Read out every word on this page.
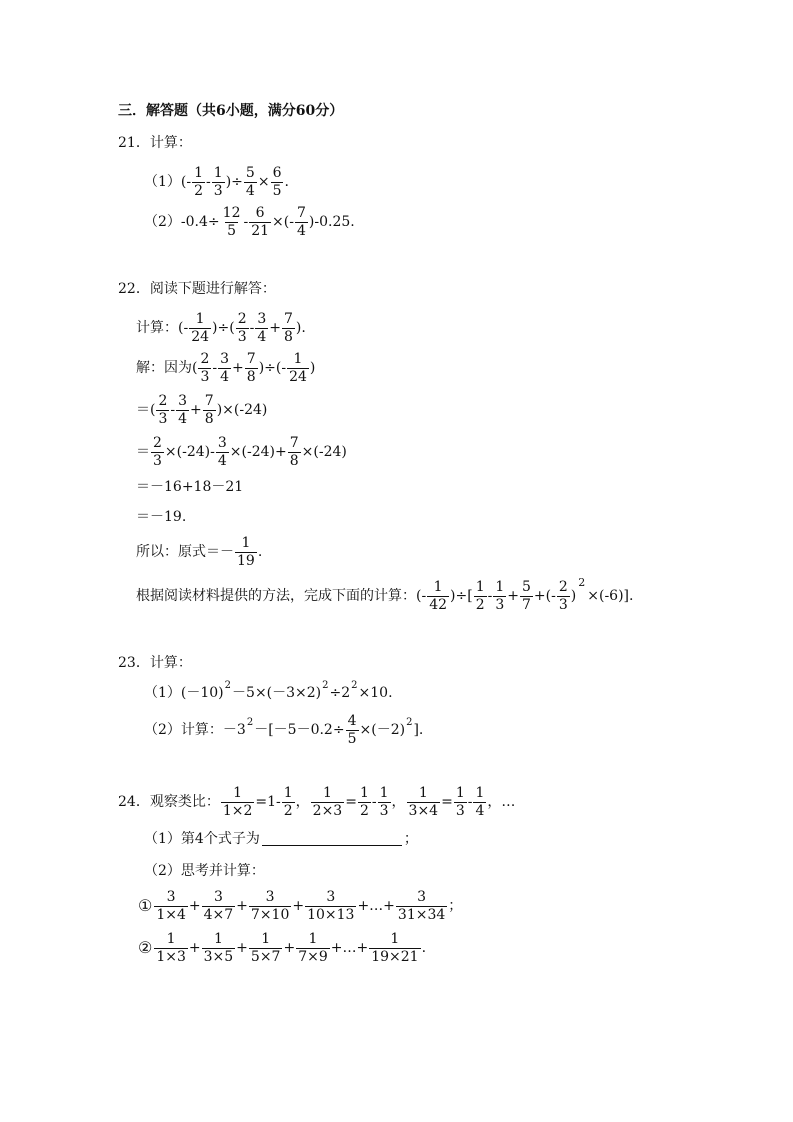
三．解答题（共6小题，满分60分）
21．计算：
（1） (- $\frac{1}{2} - \frac{1}{3}$ )÷ $\frac{5}{4} \times \frac{6}{5}$ .
（2） $-0.4\div \frac{12}{5} - \frac{6}{21}$ ×(- $\frac{7}{4} )-0.25$.
22．阅读下题进行解答：
计算：(- $\frac{1}{24}$ )÷( $\frac{2}{3} - \frac{3}{4} + \frac{7}{8}$ ).
解：因为( $\frac{2}{3} - \frac{3}{4} + \frac{7}{8}$ )÷(- $\frac{1}{24}$ )
＝( $\frac{2}{3} - \frac{3}{4} + \frac{7}{8} )\times(-24)$
＝ $\frac{2}{3} \times(-24)- \frac{3}{4} \times(-24)+ \frac{7}{8} \times(-24)$
＝－16+18－21
＝－19.
所以：原式＝－ $\frac{1}{19}$ .
根据阅读材料提供的方法，完成下面的计算：(- $\frac{1}{42}$ )÷[ $\frac{1}{2} - \frac{1}{3} + \frac{5}{7}$ +(- $\frac{2}{3}$ )
2
×(-6)].
23．计算：
（1）(－10) 2 －5×(－3×2) 2 ÷2 2 ×10.
（2）计算：－3 $2 -[-5-0.2\div \frac{4}{5} \times(-2)$ 2 ].
24．观察类比： $\frac{1}{1\times 2} =1- \frac{1}{2}$ ， $\frac{1}{2\times 3} = \frac{1}{2} - \frac{1}{3}$ ， $\frac{1}{3\times 4} = \frac{1}{3} - \frac{1}{4}$ ，…
（1）第4个式子为	；
（2）思考并计算：
① $\frac{3}{1\times 4} + \frac{3}{4\times 7} + \frac{3}{7\times 10} + \frac{3}{10\times 13}$ +…+ $\frac{3}{31\times 34}$ ；
② $\frac{1}{1\times 3} + \frac{1}{3\times 5} + \frac{1}{5\times 7} + \frac{1}{7\times 9}$ +…+ $\frac{1}{19\times 21}$ .
